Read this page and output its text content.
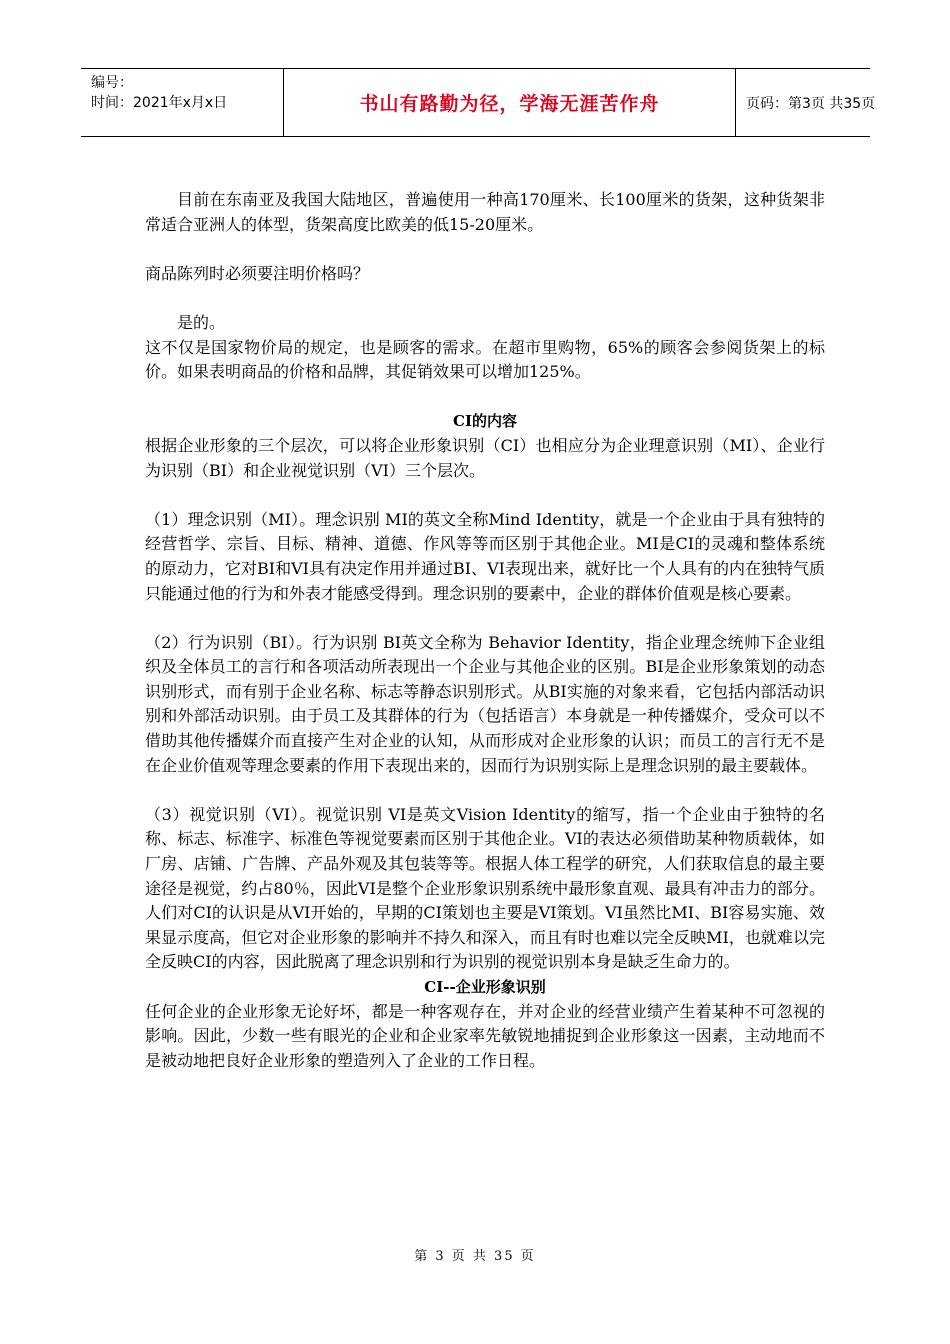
编号：
时间：2021年x月x日	书山有路勤为径，学海无涯苦作舟	页码：第3页 共35页

目前在东南亚及我国大陆地区，普遍使用一种高170厘米、长100厘米的货架，这种货架非常适合亚洲人的体型，货架高度比欧美的低15-20厘米。

商品陈列时必须要注明价格吗？

是的。

这不仅是国家物价局的规定，也是顾客的需求。在超市里购物，65%的顾客会参阅货架上的标价。如果表明商品的价格和品牌，其促销效果可以增加125%。

CI的内容

根据企业形象的三个层次，可以将企业形象识别（CI）也相应分为企业理意识别（MI）、企业行为识别（BI）和企业视觉识别（VI）三个层次。

（1）理念识别（MI）。理念识别 MI的英文全称Mind Identity，就是一个企业由于具有独特的经营哲学、宗旨、目标、精神、道德、作风等等而区别于其他企业。MI是CI的灵魂和整体系统的原动力，它对BI和VI具有决定作用并通过BI、VI表现出来，就好比一个人具有的内在独特气质只能通过他的行为和外表才能感受得到。理念识别的要素中，企业的群体价值观是核心要素。

（2）行为识别（BI）。行为识别 BI英文全称为 Behavior Identity，指企业理念统帅下企业组织及全体员工的言行和各项活动所表现出一个企业与其他企业的区别。BI是企业形象策划的动态识别形式，而有别于企业名称、标志等静态识别形式。从BI实施的对象来看，它包括内部活动识别和外部活动识别。由于员工及其群体的行为（包括语言）本身就是一种传播媒介，受众可以不借助其他传播媒介而直接产生对企业的认知，从而形成对企业形象的认识；而员工的言行无不是在企业价值观等理念要素的作用下表现出来的，因而行为识别实际上是理念识别的最主要载体。

（3）视觉识别（VI）。视觉识别 VI是英文Vision Identity的缩写，指一个企业由于独特的名称、标志、标准字、标准色等视觉要素而区别于其他企业。VI的表达必须借助某种物质载体，如厂房、店铺、广告牌、产品外观及其包装等等。根据人体工程学的研究，人们获取信息的最主要途径是视觉，约占80％，因此VI是整个企业形象识别系统中最形象直观、最具有冲击力的部分。人们对CI的认识是从VI开始的，早期的CI策划也主要是VI策划。VI虽然比MI、BI容易实施、效果显示度高，但它对企业形象的影响并不持久和深入，而且有时也难以完全反映MI，也就难以完全反映CI的内容，因此脱离了理念识别和行为识别的视觉识别本身是缺乏生命力的。

CI--企业形象识别

任何企业的企业形象无论好坏，都是一种客观存在，并对企业的经营业绩产生着某种不可忽视的影响。因此，少数一些有眼光的企业和企业家率先敏锐地捕捉到企业形象这一因素，主动地而不是被动地把良好企业形象的塑造列入了企业的工作日程。

第 3 页 共 35 页
